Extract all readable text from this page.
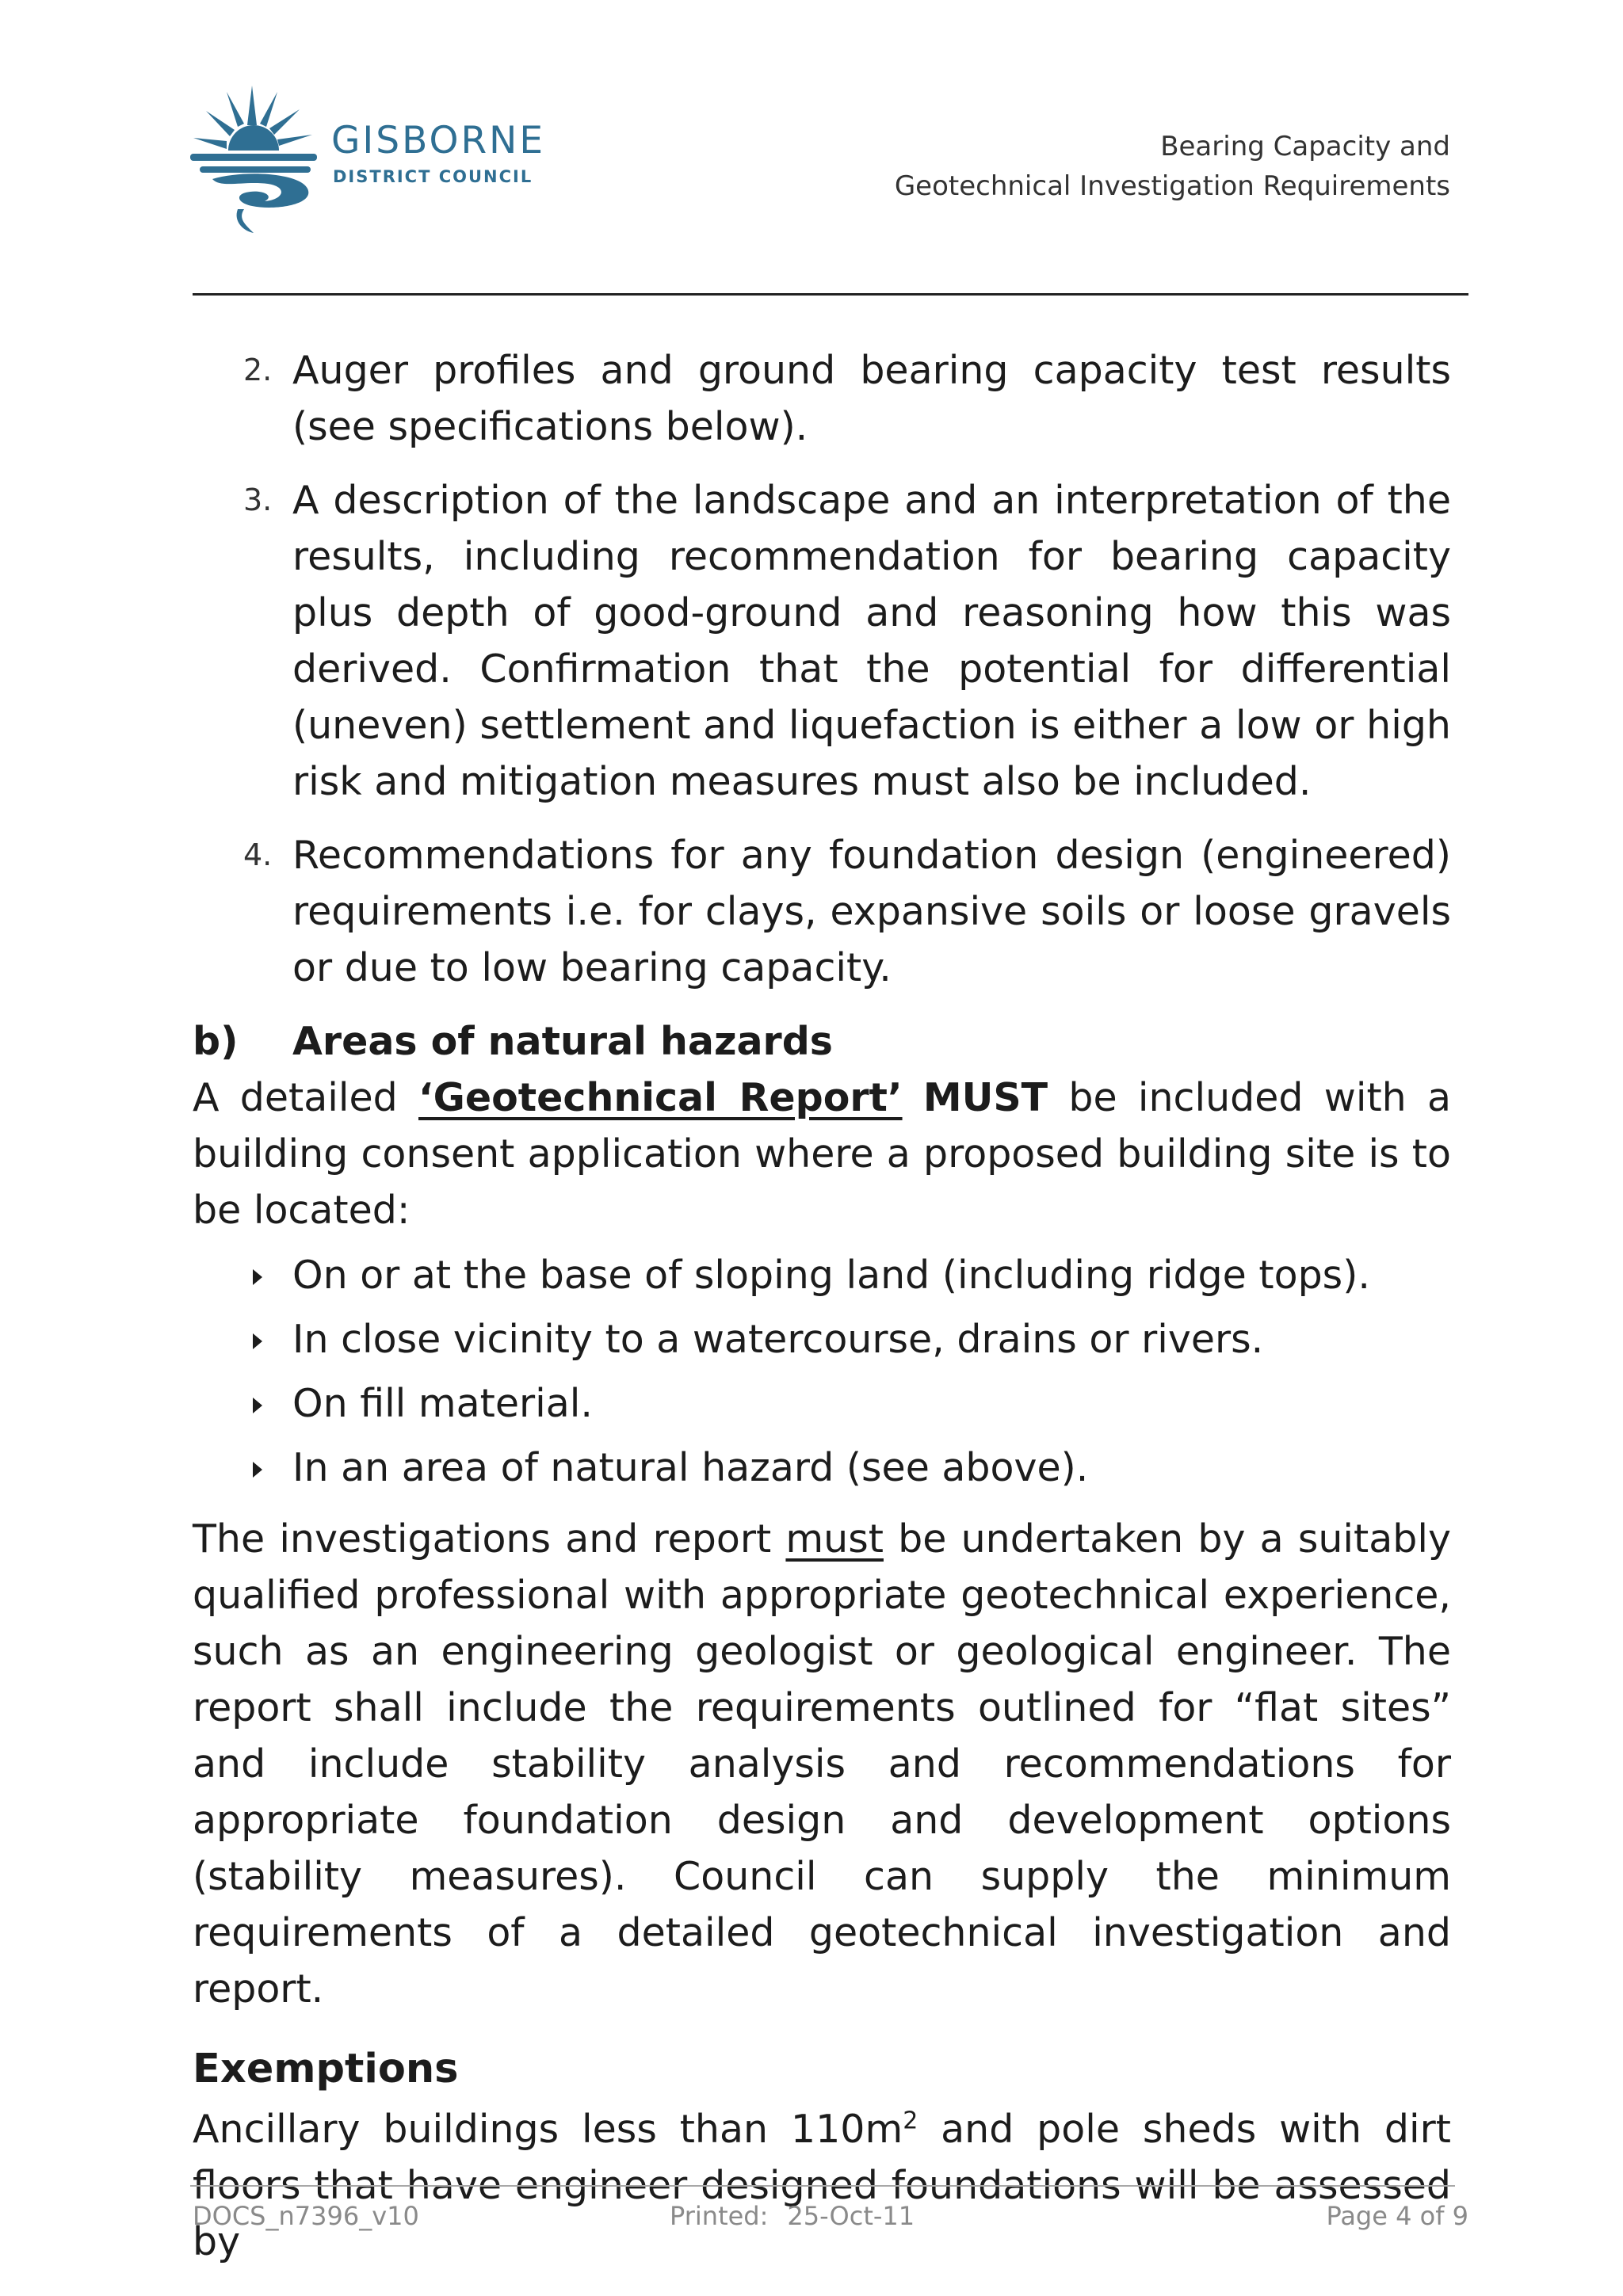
GISBORNE
DISTRICT COUNCIL
Bearing Capacity and
Geotechnical Investigation Requirements
2. Auger profiles and ground bearing capacity test results (see specifications below).

3. A description of the landscape and an interpretation of the results, including recommendation for bearing capacity plus depth of good-ground and reasoning how this was derived. Confirmation that the potential for differential (uneven) settlement and liquefaction is either a low or high risk and mitigation measures must also be included.

4. Recommendations for any foundation design (engineered) requirements i.e. for clays, expansive soils or loose gravels or due to low bearing capacity.

b)	Areas of natural hazards

A detailed ‘Geotechnical Report’ MUST be included with a building consent application where a proposed building site is to be located:

On or at the base of sloping land (including ridge tops).
In close vicinity to a watercourse, drains or rivers.
On fill material.
In an area of natural hazard (see above).

The investigations and report must be undertaken by a suitably qualified professional with appropriate geotechnical experience, such as an engineering geologist or geological engineer. The report shall include the requirements outlined for “flat sites” and include stability analysis and recommendations for appropriate foundation design and development options (stability measures). Council can supply the minimum requirements of a detailed geotechnical investigation and report.

Exemptions

Ancillary buildings less than $110m^2$ and pole sheds with dirt floors that have engineer designed foundations will be assessed by

DOCS_n7396_v10	Printed: 25-Oct-11	Page 4 of 9
